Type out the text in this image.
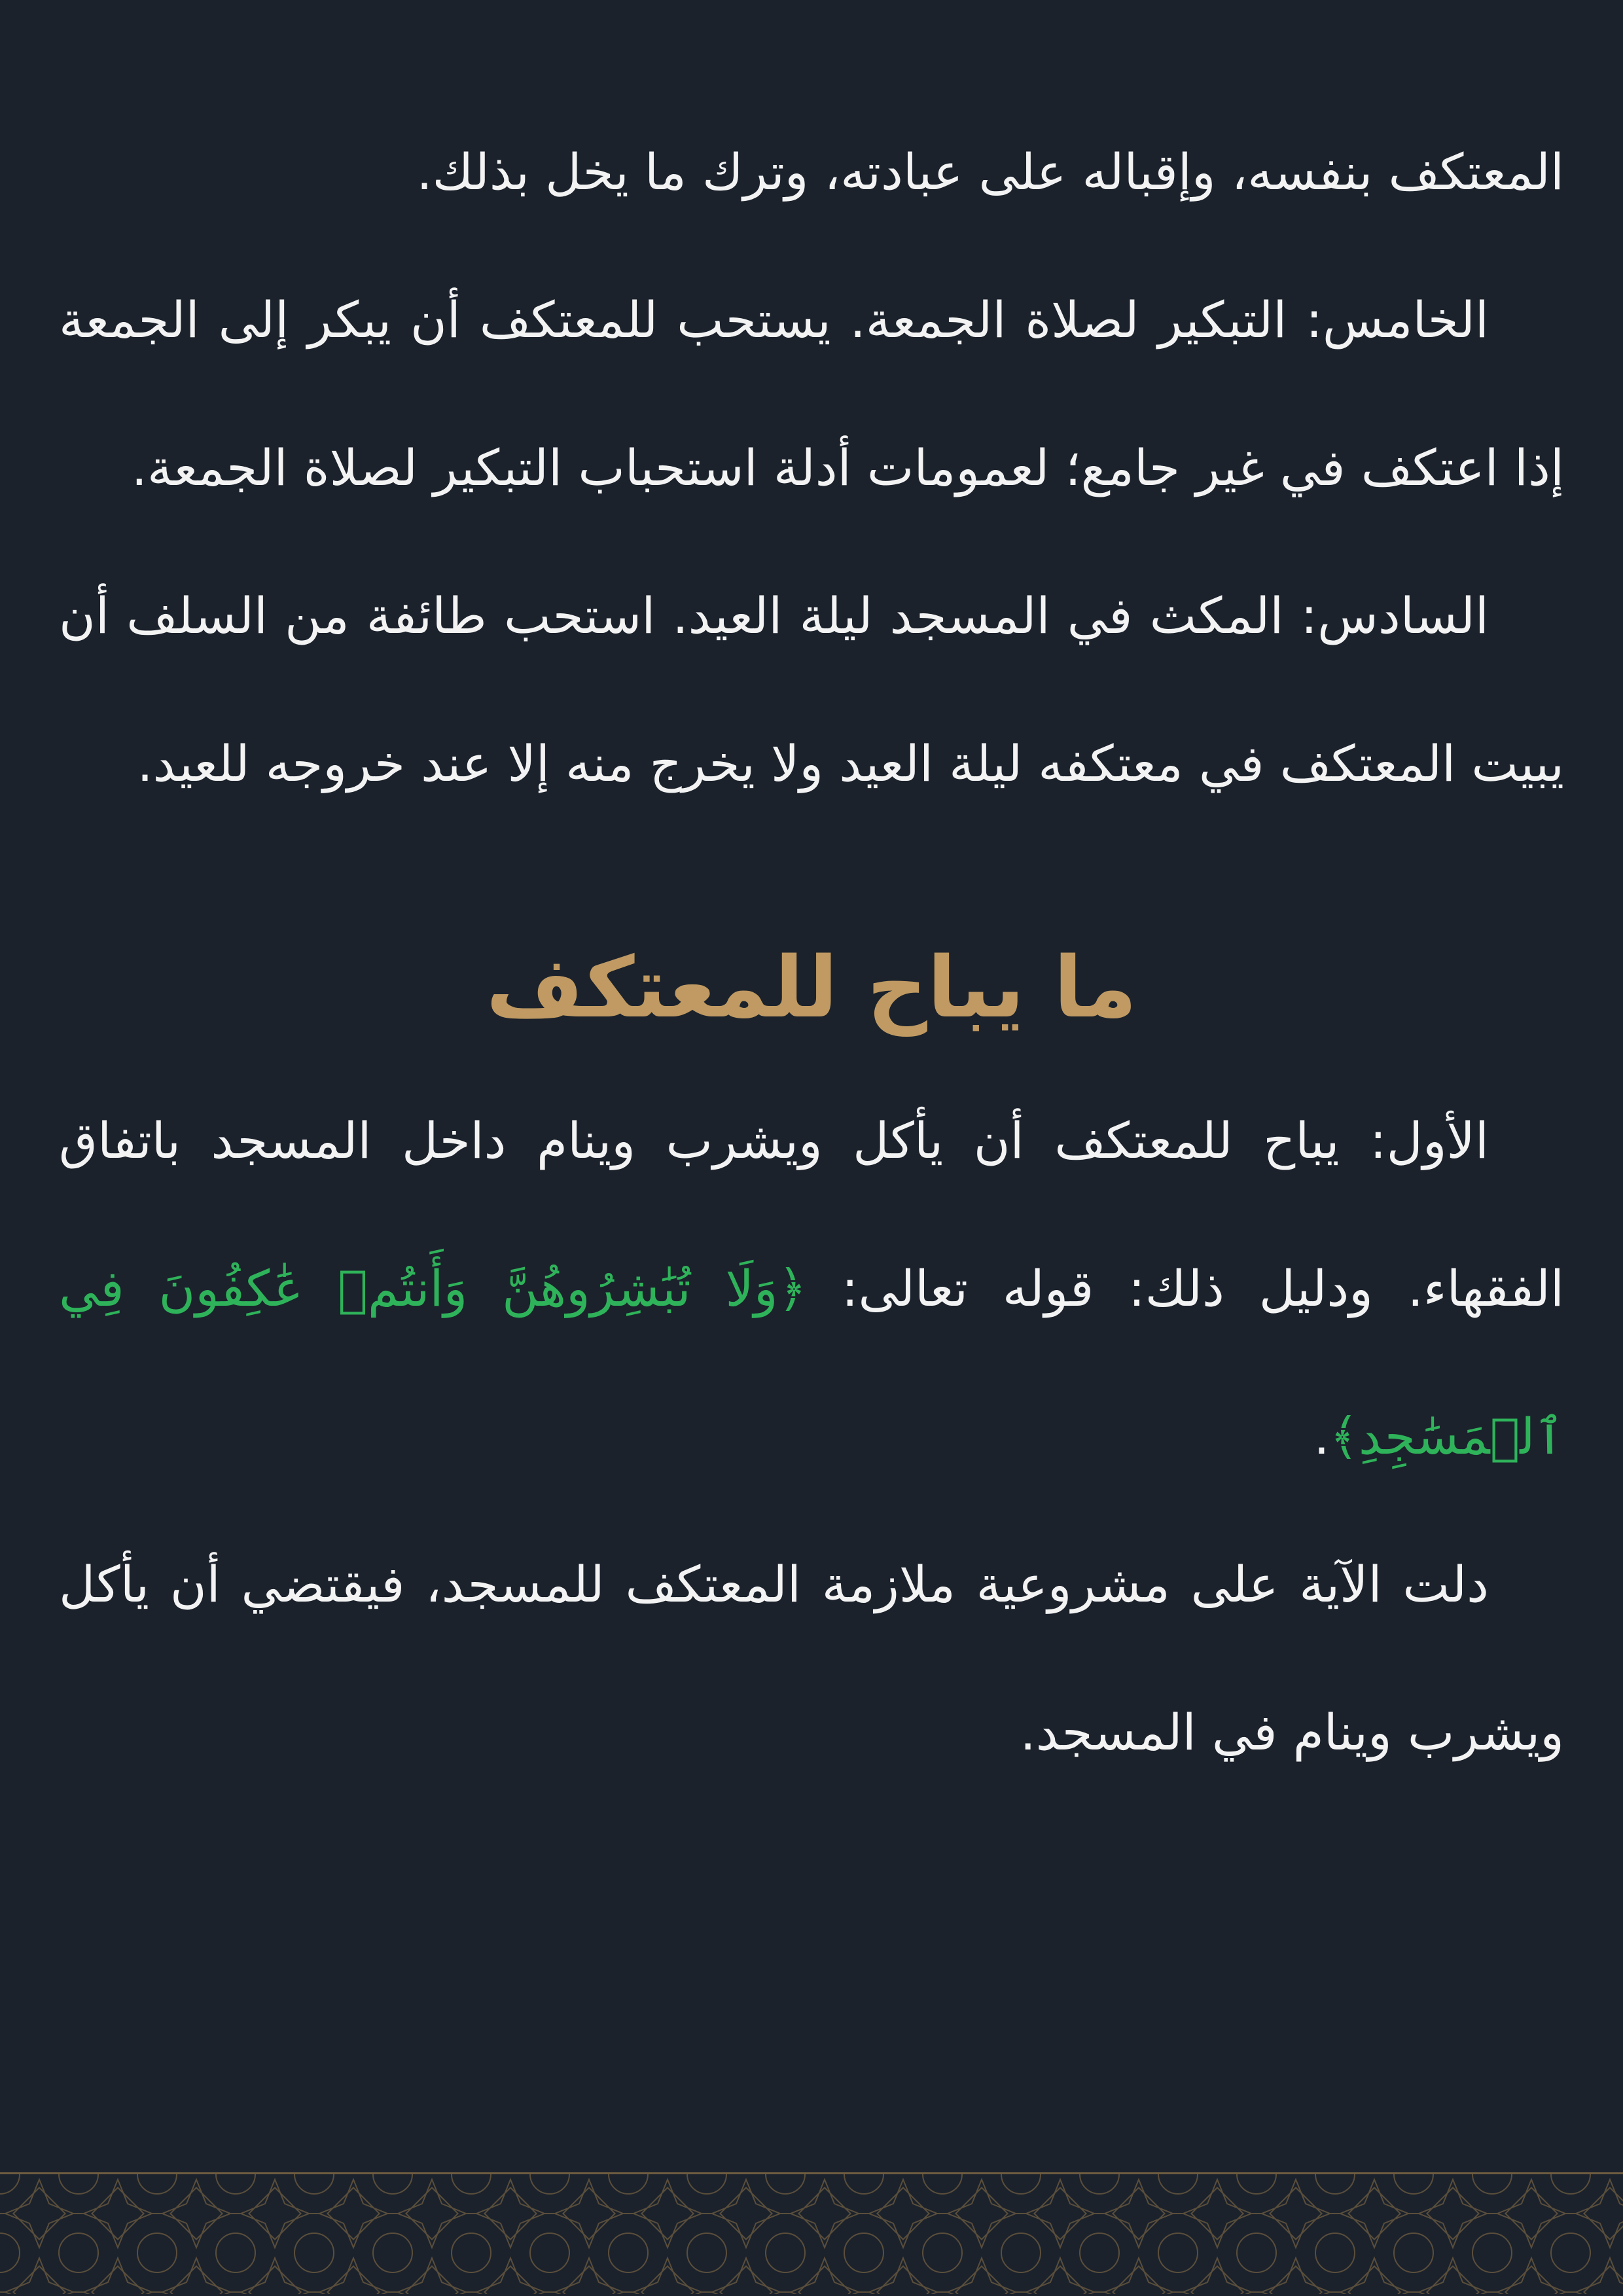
المعتكف بنفسه، وإقباله على عبادته، وترك ما يخل بذلك.

الخامس: التبكير لصلاة الجمعة. يستحب للمعتكف أن يبكر إلى الجمعة إذا اعتكف في غير جامع؛ لعمومات أدلة استحباب التبكير لصلاة الجمعة.

السادس: المكث في المسجد ليلة العيد. استحب طائفة من السلف أن يبيت المعتكف في معتكفه ليلة العيد ولا يخرج منه إلا عند خروجه للعيد.

ما يباح للمعتكف

الأول: يباح للمعتكف أن يأكل ويشرب وينام داخل المسجد باتفاق الفقهاء. ودليل ذلك: قوله تعالى: ﴿وَلَا تُبَٰشِرُوهُنَّ وَأَنتُمۡ عَٰكِفُونَ فِي ٱلۡمَسَٰجِدِ﴾.

دلت الآية على مشروعية ملازمة المعتكف للمسجد، فيقتضي أن يأكل ويشرب وينام في المسجد.
